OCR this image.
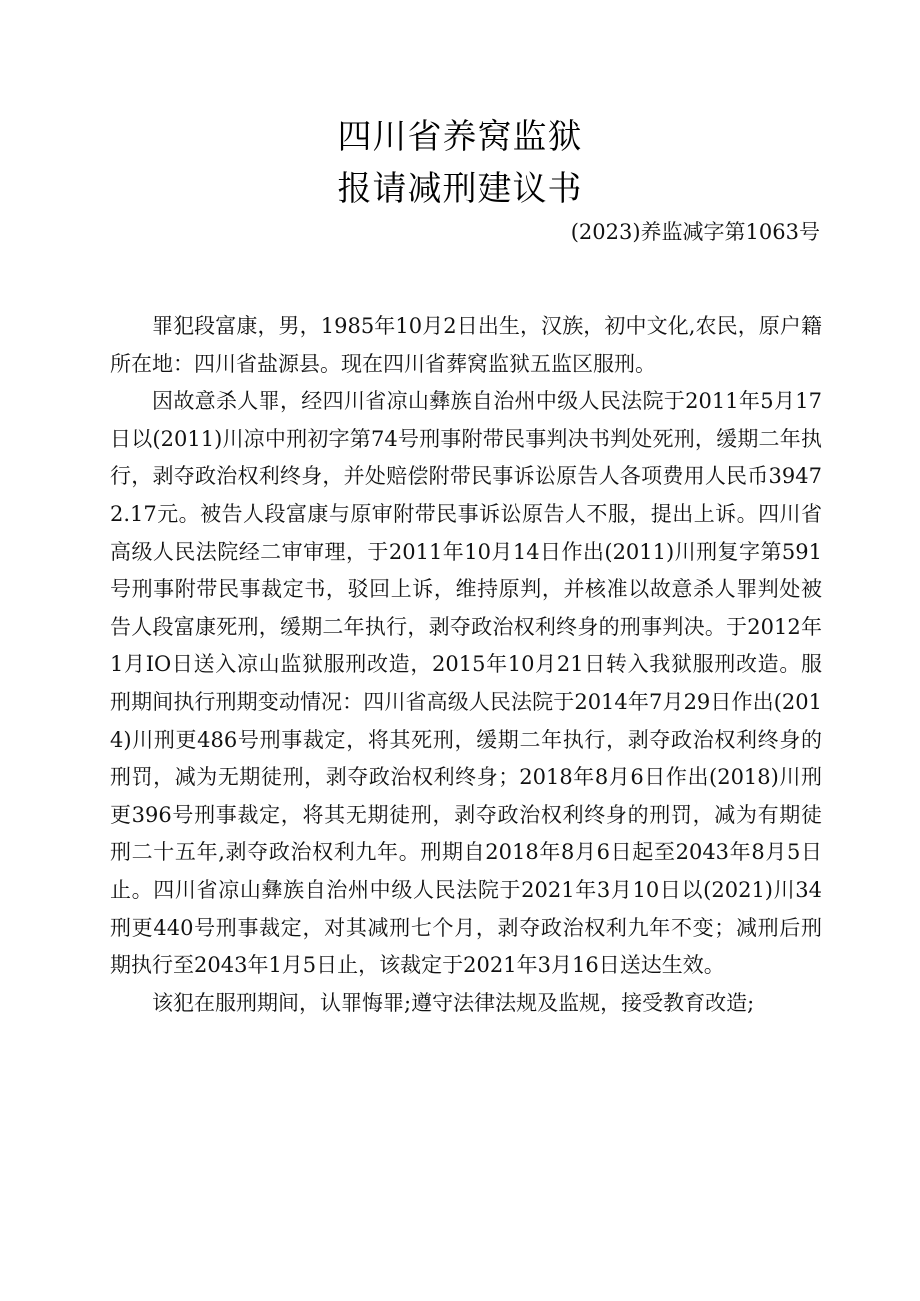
四川省养窝监狱
报请减刑建议书
(2023)养监减字第1063号

罪犯段富康，男，1985年10月2日出生，汉族，初中文化,农民，原户籍所在地：四川省盐源县。现在四川省葬窝监狱五监区服刑。

因故意杀人罪，经四川省凉山彝族自治州中级人民法院于2011年5月17日以(2011)川凉中刑初字第74号刑事附带民事判决书判处死刑，缓期二年执行，剥夺政治权利终身，并处赔偿附带民事诉讼原告人各项费用人民币39472.17元。被告人段富康与原审附带民事诉讼原告人不服，提出上诉。四川省高级人民法院经二审审理，于2011年10月14日作出(2011)川刑复字第591号刑事附带民事裁定书，驳回上诉，维持原判，并核准以故意杀人罪判处被告人段富康死刑，缓期二年执行，剥夺政治权利终身的刑事判决。于2012年1月IO日送入凉山监狱服刑改造，2015年10月21日转入我狱服刑改造。服刑期间执行刑期变动情况：四川省高级人民法院于2014年7月29日作出(2014)川刑更486号刑事裁定，将其死刑，缓期二年执行，剥夺政治权利终身的刑罚，减为无期徒刑，剥夺政治权利终身；2018年8月6日作出(2018)川刑更396号刑事裁定，将其无期徒刑，剥夺政治权利终身的刑罚，减为有期徒刑二十五年,剥夺政治权利九年。刑期自2018年8月6日起至2043年8月5日止。四川省凉山彝族自治州中级人民法院于2021年3月10日以(2021)川34刑更440号刑事裁定，对其减刑七个月，剥夺政治权利九年不变；减刑后刑期执行至2043年1月5日止，该裁定于2021年3月16日送达生效。

该犯在服刑期间，认罪悔罪;遵守法律法规及监规，接受教育改造;
